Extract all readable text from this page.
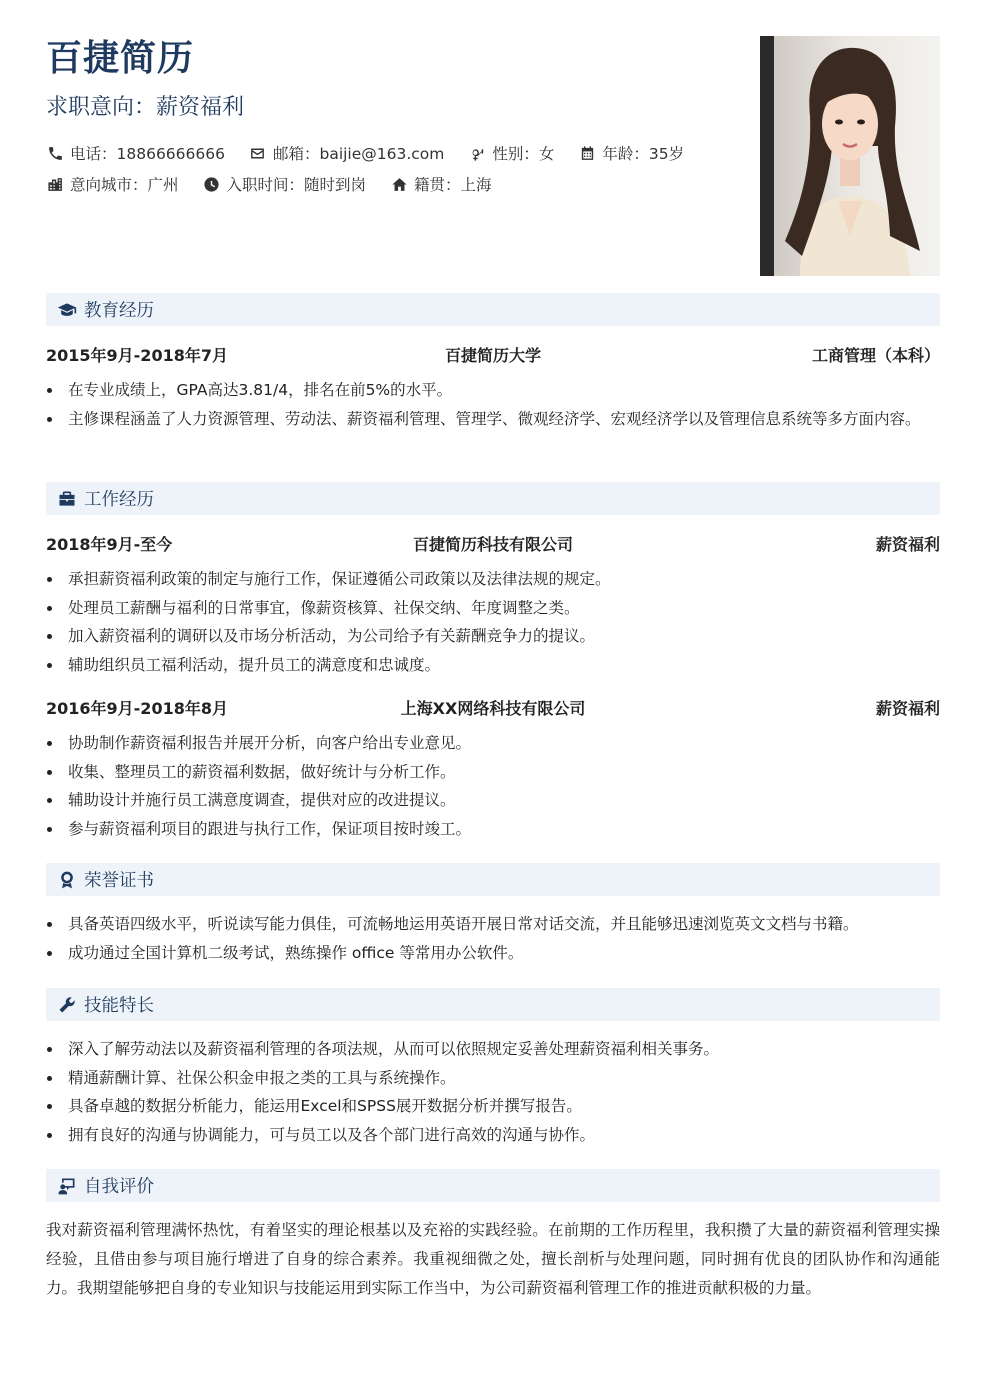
百捷简历
求职意向：薪资福利
电话：18866666666	邮箱：baijie@163.com	性别：女	年龄：35岁
意向城市：广州	入职时间：随时到岗	籍贯：上海
教育经历
2015年9月-2018年7月	百捷简历大学	工商管理（本科）
在专业成绩上，GPA高达3.81/4，排名在前5%的水平。
主修课程涵盖了人力资源管理、劳动法、薪资福利管理、管理学、微观经济学、宏观经济学以及管理信息系统等多方面内容。
工作经历
2018年9月-至今	百捷简历科技有限公司	薪资福利
承担薪资福利政策的制定与施行工作，保证遵循公司政策以及法律法规的规定。
处理员工薪酬与福利的日常事宜，像薪资核算、社保交纳、年度调整之类。
加入薪资福利的调研以及市场分析活动，为公司给予有关薪酬竞争力的提议。
辅助组织员工福利活动，提升员工的满意度和忠诚度。
2016年9月-2018年8月	上海XX网络科技有限公司	薪资福利
协助制作薪资福利报告并展开分析，向客户给出专业意见。
收集、整理员工的薪资福利数据，做好统计与分析工作。
辅助设计并施行员工满意度调查，提供对应的改进提议。
参与薪资福利项目的跟进与执行工作，保证项目按时竣工。
荣誉证书
具备英语四级水平，听说读写能力俱佳，可流畅地运用英语开展日常对话交流，并且能够迅速浏览英文文档与书籍。
成功通过全国计算机二级考试，熟练操作 office 等常用办公软件。
技能特长
深入了解劳动法以及薪资福利管理的各项法规，从而可以依照规定妥善处理薪资福利相关事务。
精通薪酬计算、社保公积金申报之类的工具与系统操作。
具备卓越的数据分析能力，能运用Excel和SPSS展开数据分析并撰写报告。
拥有良好的沟通与协调能力，可与员工以及各个部门进行高效的沟通与协作。
自我评价
我对薪资福利管理满怀热忱，有着坚实的理论根基以及充裕的实践经验。在前期的工作历程里，我积攒了大量的薪资福利管理实操经验，且借由参与项目施行增进了自身的综合素养。我重视细微之处，擅长剖析与处理问题，同时拥有优良的团队协作和沟通能力。我期望能够把自身的专业知识与技能运用到实际工作当中，为公司薪资福利管理工作的推进贡献积极的力量。
